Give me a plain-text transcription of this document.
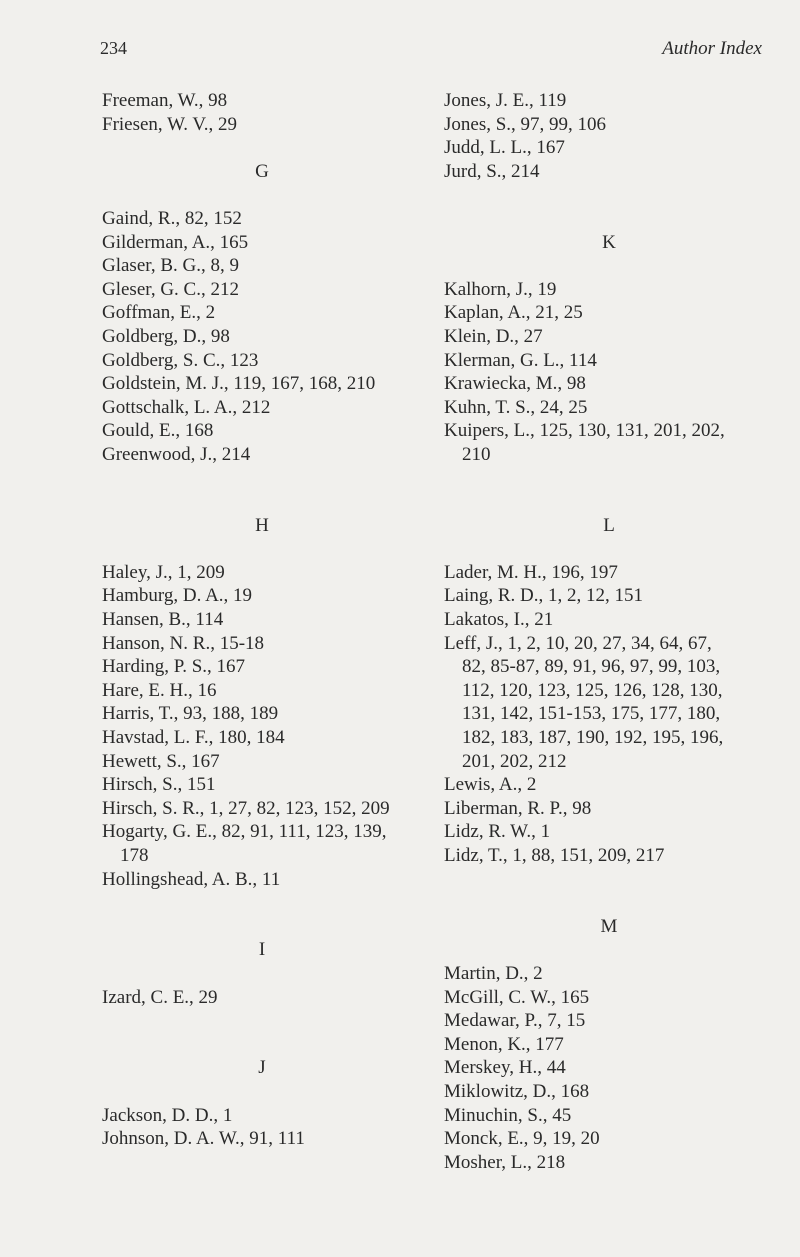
234	Author Index
Freeman, W., 98
Friesen, W. V., 29
G
Gaind, R., 82, 152
Gilderman, A., 165
Glaser, B. G., 8, 9
Gleser, G. C., 212
Goffman, E., 2
Goldberg, D., 98
Goldberg, S. C., 123
Goldstein, M. J., 119, 167, 168, 210
Gottschalk, L. A., 212
Gould, E., 168
Greenwood, J., 214
H
Haley, J., 1, 209
Hamburg, D. A., 19
Hansen, B., 114
Hanson, N. R., 15-18
Harding, P. S., 167
Hare, E. H., 16
Harris, T., 93, 188, 189
Havstad, L. F., 180, 184
Hewett, S., 167
Hirsch, S., 151
Hirsch, S. R., 1, 27, 82, 123, 152, 209
Hogarty, G. E., 82, 91, 111, 123, 139,
178
Hollingshead, A. B., 11
I
Izard, C. E., 29
J
Jackson, D. D., 1
Johnson, D. A. W., 91, 111
Jones, J. E., 119
Jones, S., 97, 99, 106
Judd, L. L., 167
Jurd, S., 214
K
Kalhorn, J., 19
Kaplan, A., 21, 25
Klein, D., 27
Klerman, G. L., 114
Krawiecka, M., 98
Kuhn, T. S., 24, 25
Kuipers, L., 125, 130, 131, 201, 202,
210
L
Lader, M. H., 196, 197
Laing, R. D., 1, 2, 12, 151
Lakatos, I., 21
Leff, J., 1, 2, 10, 20, 27, 34, 64, 67,
82, 85-87, 89, 91, 96, 97, 99, 103,
112, 120, 123, 125, 126, 128, 130,
131, 142, 151-153, 175, 177, 180,
182, 183, 187, 190, 192, 195, 196,
201, 202, 212
Lewis, A., 2
Liberman, R. P., 98
Lidz, R. W., 1
Lidz, T., 1, 88, 151, 209, 217
M
Martin, D., 2
McGill, C. W., 165
Medawar, P., 7, 15
Menon, K., 177
Merskey, H., 44
Miklowitz, D., 168
Minuchin, S., 45
Monck, E., 9, 19, 20
Mosher, L., 218
